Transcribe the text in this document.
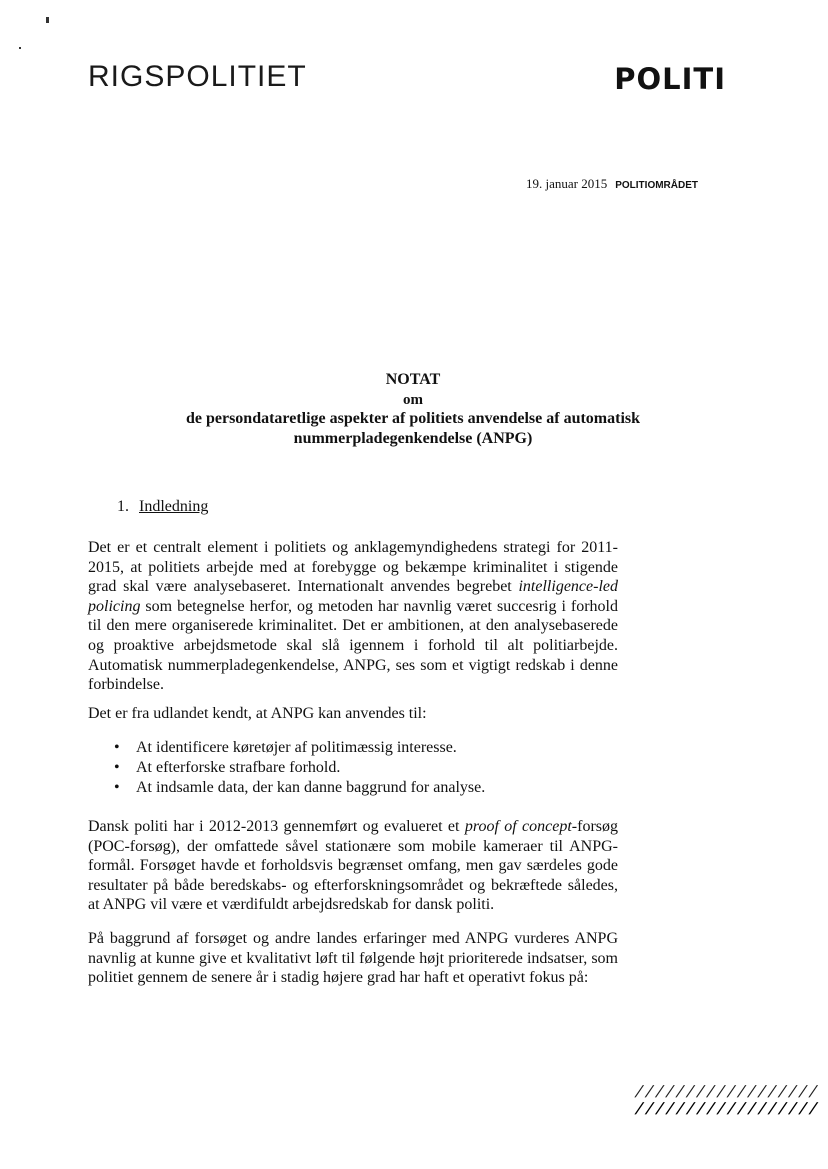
RIGSPOLITIET	POLITI
19. januar 2015 POLITIOMRÅDET
NOTAT
om
de persondataretlige aspekter af politiets anvendelse af automatisk
nummerpladegenkendelse (ANPG)
1. Indledning
Det er et centralt element i politiets og anklagemyndighedens strategi for 2011-2015, at politiets arbejde med at forebygge og bekæmpe kriminalitet i stigende grad skal være analysebaseret. Internationalt anvendes begrebet intelligence-led policing som betegnelse herfor, og metoden har navnlig været succesrig i forhold til den mere organiserede kriminalitet. Det er ambitionen, at den analysebaserede og proaktive arbejdsmetode skal slå igennem i forhold til alt politiarbejde. Automatisk nummerpladegenkendelse, ANPG, ses som et vigtigt redskab i denne forbindelse.
Det er fra udlandet kendt, at ANPG kan anvendes til:
• At identificere køretøjer af politimæssig interesse.
• At efterforske strafbare forhold.
• At indsamle data, der kan danne baggrund for analyse.
Dansk politi har i 2012-2013 gennemført og evalueret et proof of concept-forsøg (POC-forsøg), der omfattede såvel stationære som mobile kameraer til ANPG-formål. Forsøget havde et forholdsvis begrænset omfang, men gav særdeles gode resultater på både beredskabs- og efterforskningsområdet og bekræftede således, at ANPG vil være et værdifuldt arbejdsredskab for dansk politi.
På baggrund af forsøget og andre landes erfaringer med ANPG vurderes ANPG navnlig at kunne give et kvalitativt løft til følgende højt prioriterede indsatser, som politiet gennem de senere år i stadig højere grad har haft et operativt fokus på:
//////////////////
//////////////////
